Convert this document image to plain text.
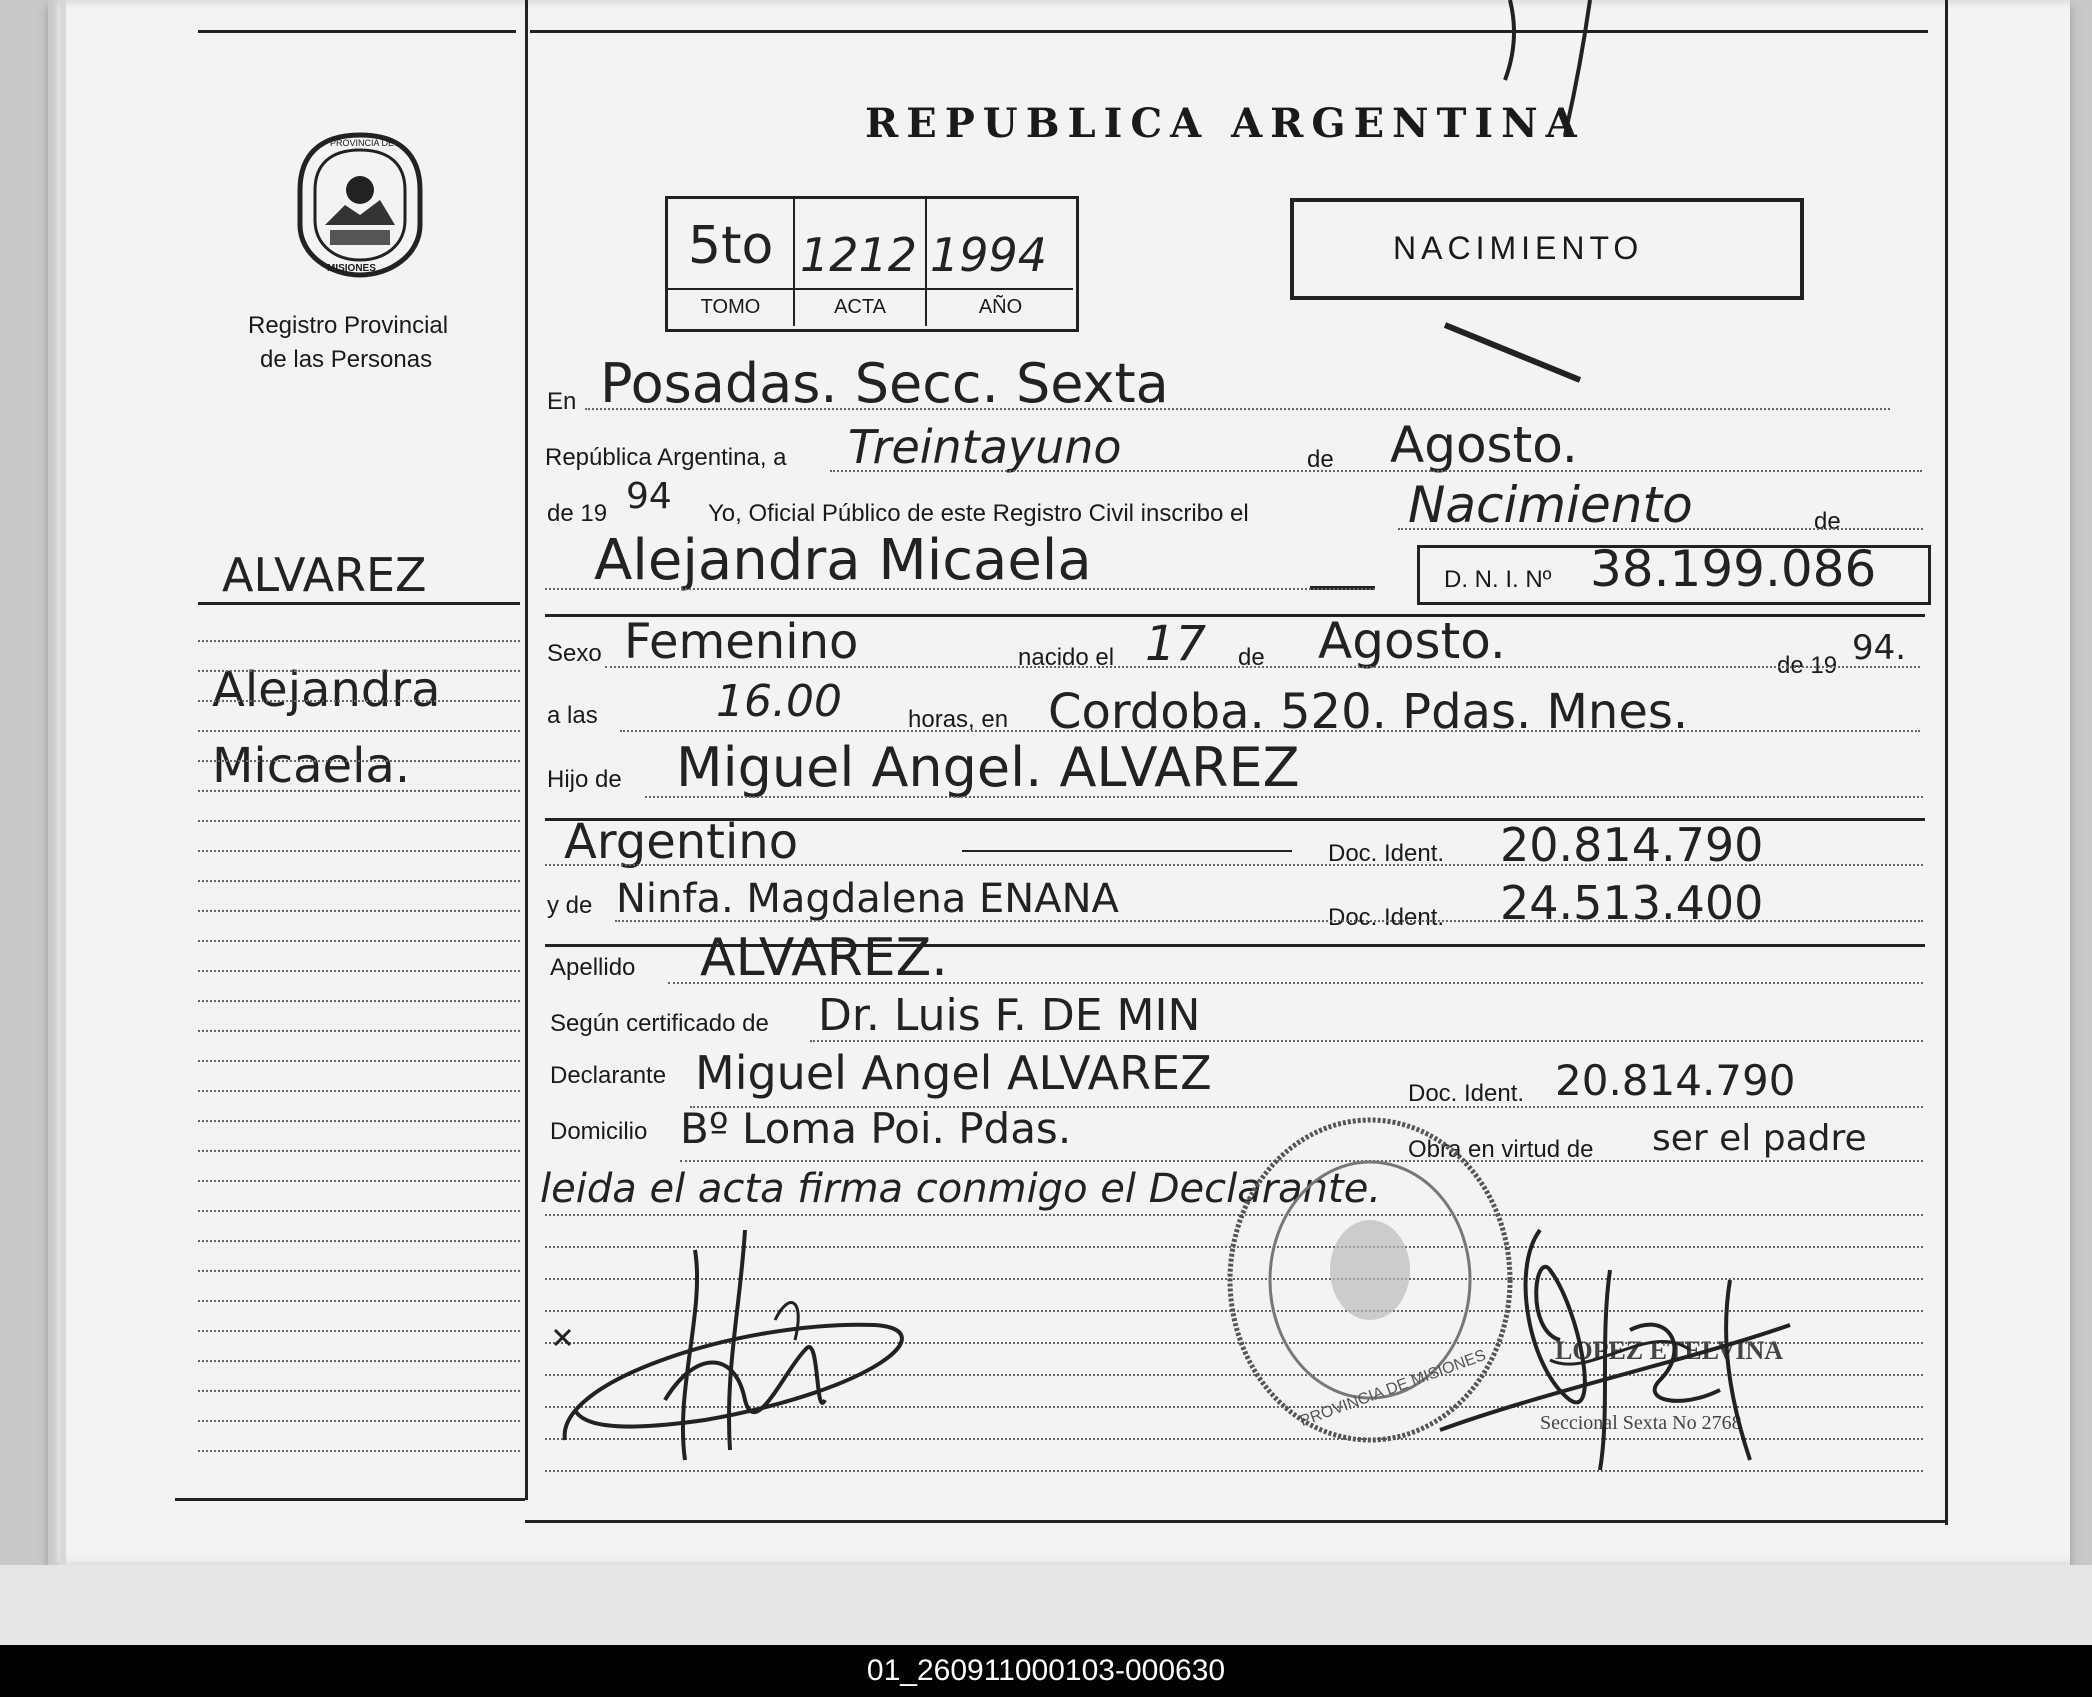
REPUBLICA ARGENTINA
PROVINCIA DE
MISIONES
Registro Provincial
de las Personas
5to 1212 1994
TOMO	ACTA	AÑO
NACIMIENTO
ALVAREZ
Alejandra
Micaela.
En Posadas. Secc. Sexta
República Argentina, a Treintayuno	de Agosto.
de 19 94 Yo, Oficial Público de este Registro Civil inscribo el	Nacimiento	de
Alejandra Micaela	D. N. I. Nº 38.199.086
Sexo Femenino	nacido el 17 de Agosto.	de 19 94.
a las	16.00	horas, en Cordoba. 520. Pdas. Mnes.
Hijo de Miguel Angel. ALVAREZ
Argentino	Doc. Ident. 20.814.790
y de Ninfa. Magdalena ENANA	Doc. Ident. 24.513.400
Apellido ALVAREZ.
Según certificado de Dr. Luis F. DE MIN
Declarante Miguel Angel ALVAREZ	Doc. Ident. 20.814.790
Domicilio Bº Loma Poi. Pdas.	Obra en virtud de ser el padre
leida el acta firma conmigo el Declarante.
PROVINCIA DE MISIONES	LOPEZ ETELVINA
Seccional Sexta No 2768
01_260911000103-000630
